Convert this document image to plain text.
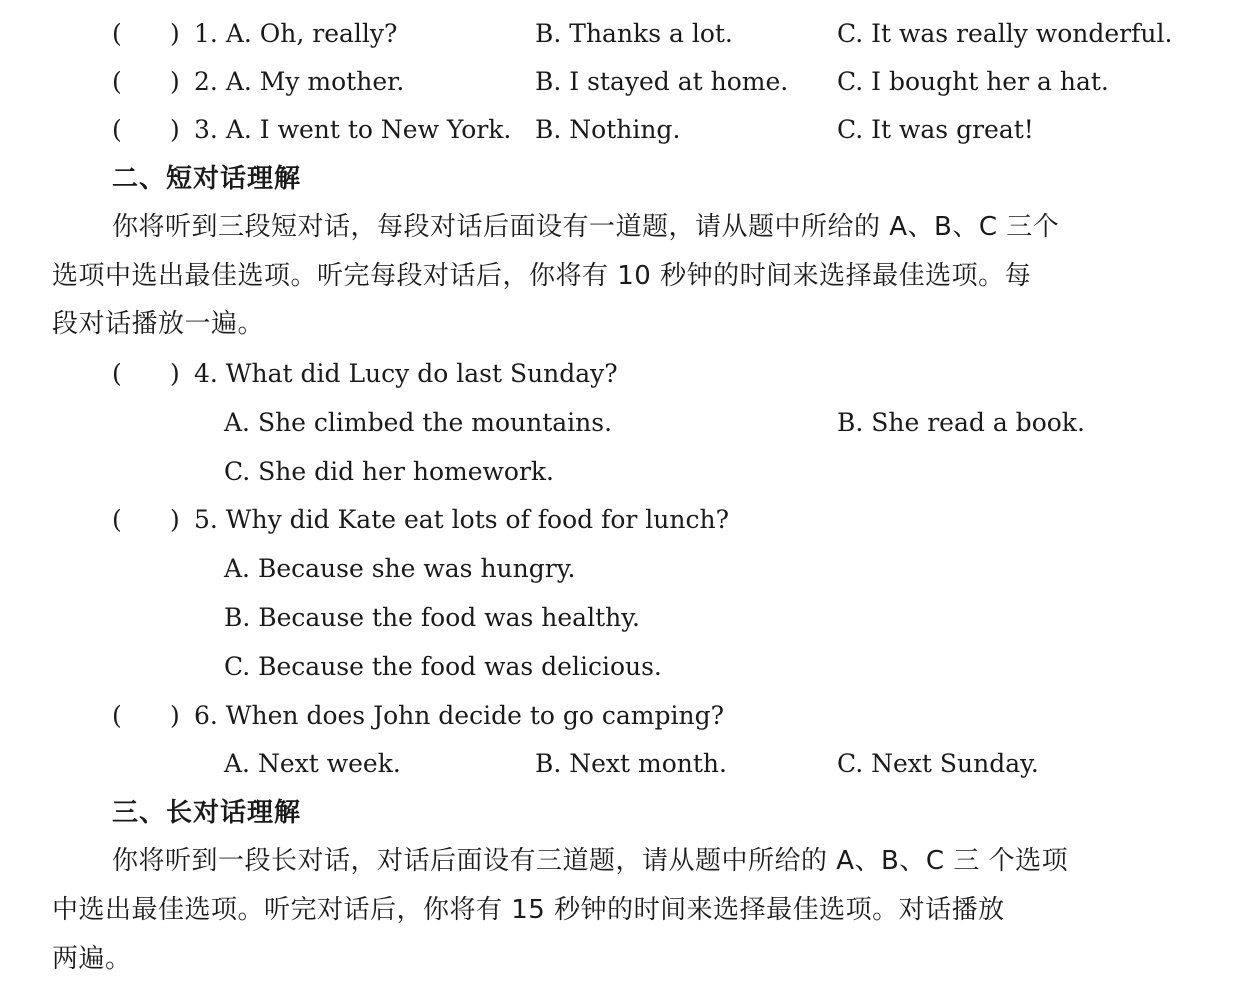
( ) 1. A. Oh, really?	B. Thanks a lot.	C. It was really wonderful.
( ) 2. A. My mother.	B. I stayed at home. C. I bought her a hat.
( ) 3. A. I went to New York. B. Nothing.	C. It was great!
二、短对话理解
你将听到三段短对话，每段对话后面设有一道题，请从题中所给的 A、B、C 三个
选项中选出最佳选项。听完每段对话后，你将有 10 秒钟的时间来选择最佳选项。每
段对话播放一遍。
( ) 4. What did Lucy do last Sunday?
A. She climbed the mountains.	B. She read a book.
C. She did her homework.
( ) 5. Why did Kate eat lots of food for lunch?
A. Because she was hungry.
B. Because the food was healthy.
C. Because the food was delicious.
( ) 6. When does John decide to go camping?
A. Next week.	B. Next month.	C. Next Sunday.
三、长对话理解
你将听到一段长对话，对话后面设有三道题，请从题中所给的 A、B、C 三 个选项
中选出最佳选项。听完对话后，你将有 15 秒钟的时间来选择最佳选项。对话播放
两遍。
